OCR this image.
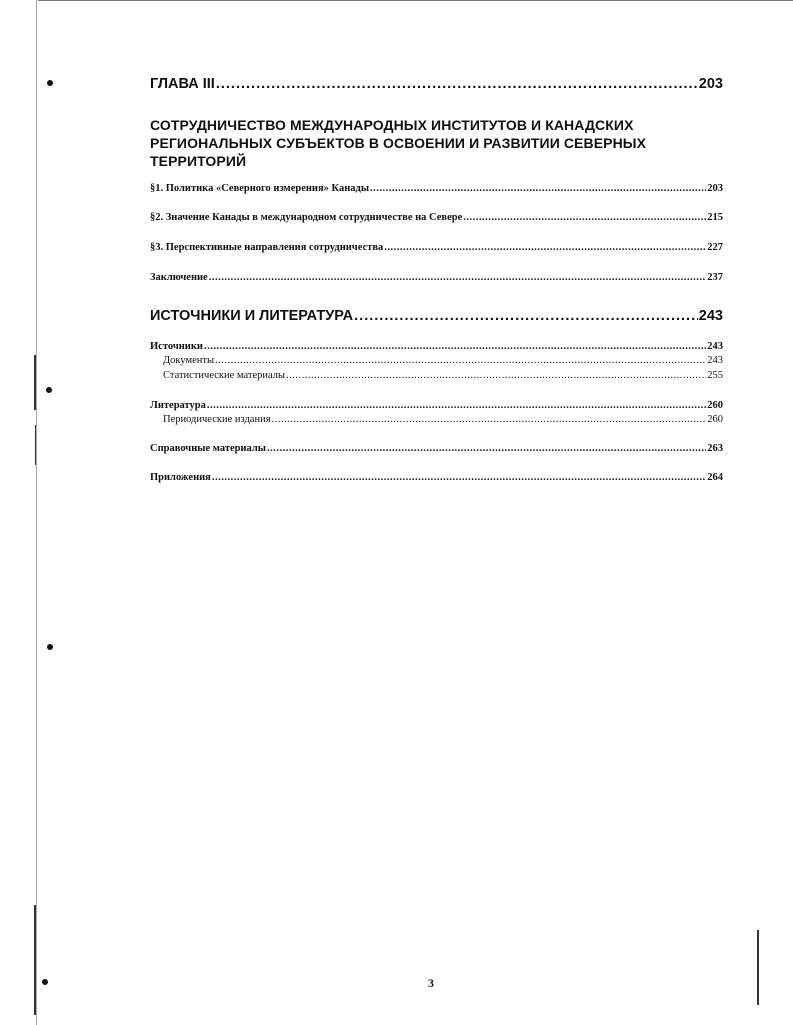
ГЛАВА III .....	203
СОТРУДНИЧЕСТВО МЕЖДУНАРОДНЫХ ИНСТИТУТОВ И КАНАДСКИХ
РЕГИОНАЛЬНЫХ СУБЪЕКТОВ В ОСВОЕНИИ И РАЗВИТИИ СЕВЕРНЫХ
ТЕРРИТОРИЙ
§1. Политика «Северного измерения» Канады .....	203
§2. Значение Канады в международном сотрудничестве на Севере .....	215
§3. Перспективные направления сотрудничества .....	227
Заключение .....	237
ИСТОЧНИКИ И ЛИТЕРАТУРА .....	243
Источники .....	243
Документы .....	243
Статистические материалы .....	255
Литература .....	260
Периодические издания .....	260
Справочные материалы .....	263
Приложения .....	264
3
